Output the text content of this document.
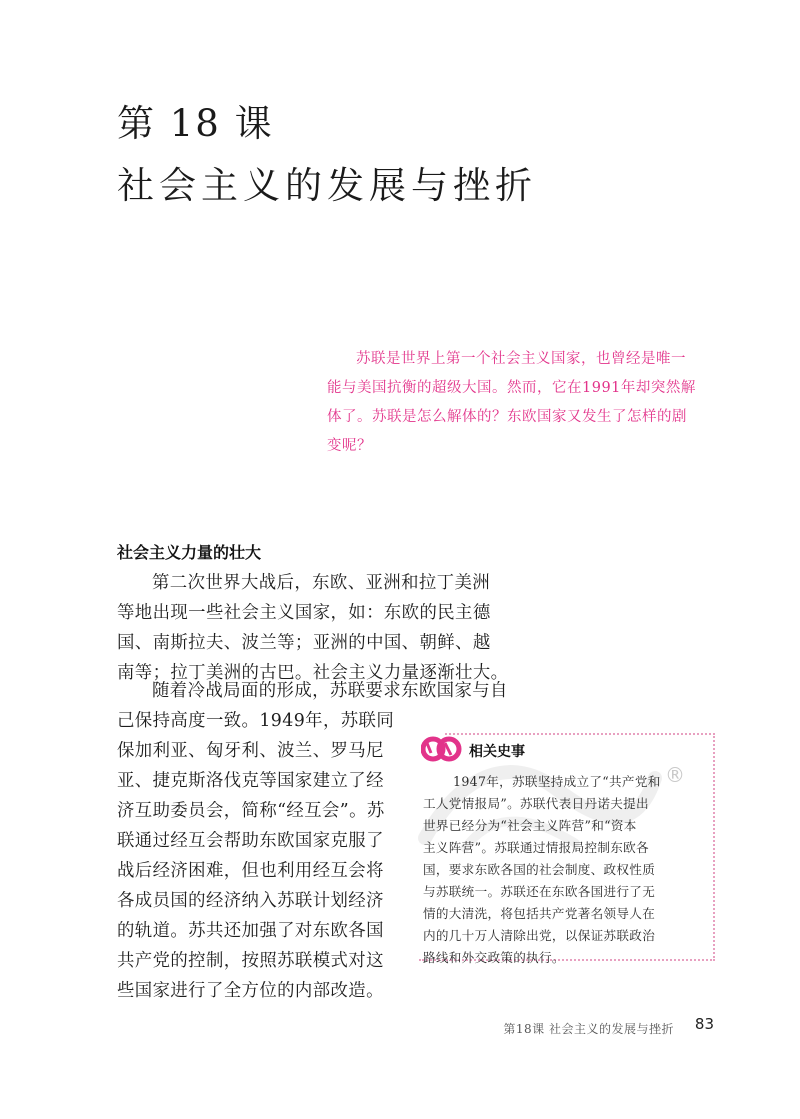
第 18 课
社会主义的发展与挫折
苏联是世界上第一个社会主义国家，也曾经是唯一
能与美国抗衡的超级大国。然而，它在1991年却突然解
体了。苏联是怎么解体的？东欧国家又发生了怎样的剧
变呢？
社会主义力量的壮大
第二次世界大战后，东欧、亚洲和拉丁美洲
等地出现一些社会主义国家，如：东欧的民主德
国、南斯拉夫、波兰等；亚洲的中国、朝鲜、越
南等；拉丁美洲的古巴。社会主义力量逐渐壮大。
随着冷战局面的形成，苏联要求东欧国家与自
己保持高度一致。1949年，苏联同
保加利亚、匈牙利、波兰、罗马尼
亚、捷克斯洛伐克等国家建立了经
济互助委员会，简称“经互会”。苏
联通过经互会帮助东欧国家克服了
战后经济困难，但也利用经互会将
各成员国的经济纳入苏联计划经济
的轨道。苏共还加强了对东欧各国
共产党的控制，按照苏联模式对这
些国家进行了全方位的内部改造。
®
相关史事
1947年，苏联坚持成立了“共产党和
工人党情报局”。苏联代表日丹诺夫提出
世界已经分为“社会主义阵营”和“资本
主义阵营”。苏联通过情报局控制东欧各
国，要求东欧各国的社会制度、政权性质
与苏联统一。苏联还在东欧各国进行了无
情的大清洗，将包括共产党著名领导人在
内的几十万人清除出党，以保证苏联政治
路线和外交政策的执行。
第18课 社会主义的发展与挫折	83
